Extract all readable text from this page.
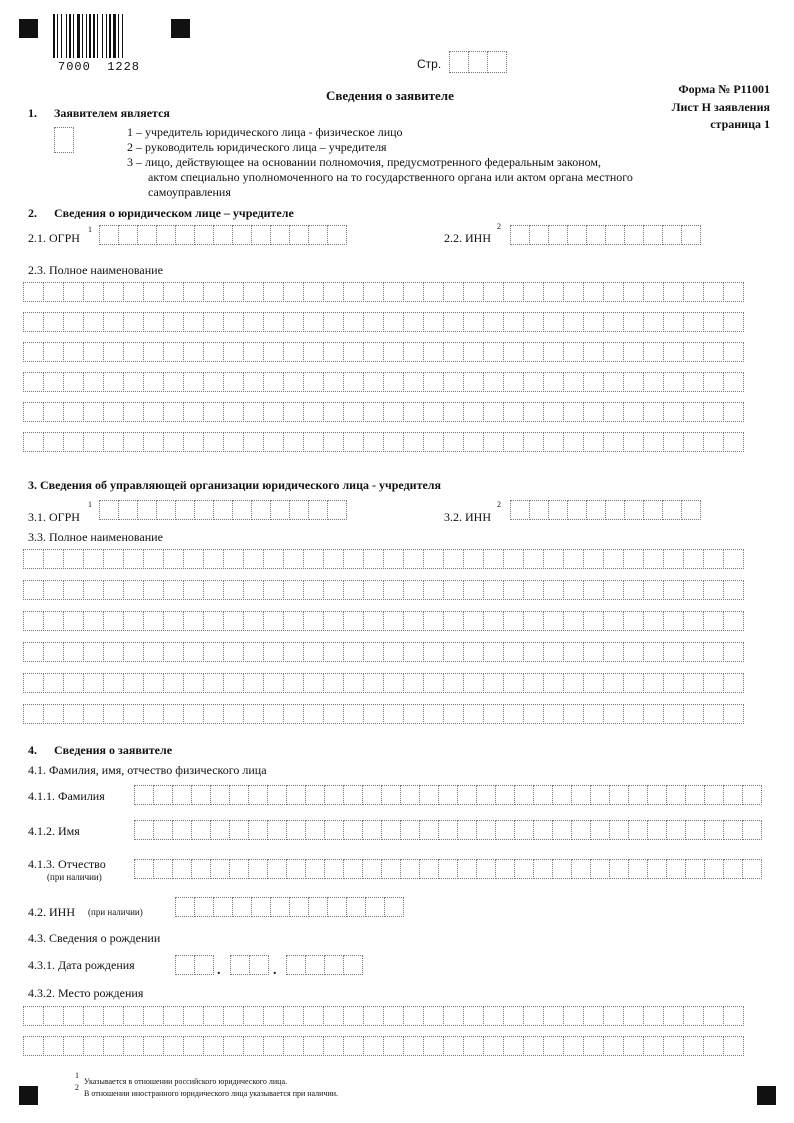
7000  1228	Стр.
Форма № Р11001
Лист Н заявления
страница 1
Сведения о заявителе
1. Заявителем является
1 – учредитель юридического лица - физическое лицо
2 – руководитель юридического лица – учредителя
3 – лицо, действующее на основании полномочия, предусмотренного федеральным законом,
актом специально уполномоченного на то государственного органа или актом органа местного
самоуправления
2. Сведения о юридическом лице – учредителе
2.1. ОГРН
1
2.2. ИНН
2
2.3. Полное наименование
3. Сведения об управляющей организации юридического лица - учредителя
3.1. ОГРН
1
3.2. ИНН
2
3.3. Полное наименование
4. Сведения о заявителе
4.1. Фамилия, имя, отчество физического лица
4.1.1. Фамилия
4.1.2. Имя
4.1.3. Отчество
(при наличии)
4.2. ИНН (при наличии)
4.3. Сведения о рождении
4.3.1. Дата рождения	.	.
4.3.2. Место рождения
1
Указывается в отношении российского юридического лица.
2
В отношении иностранного юридического лица указывается при наличии.
